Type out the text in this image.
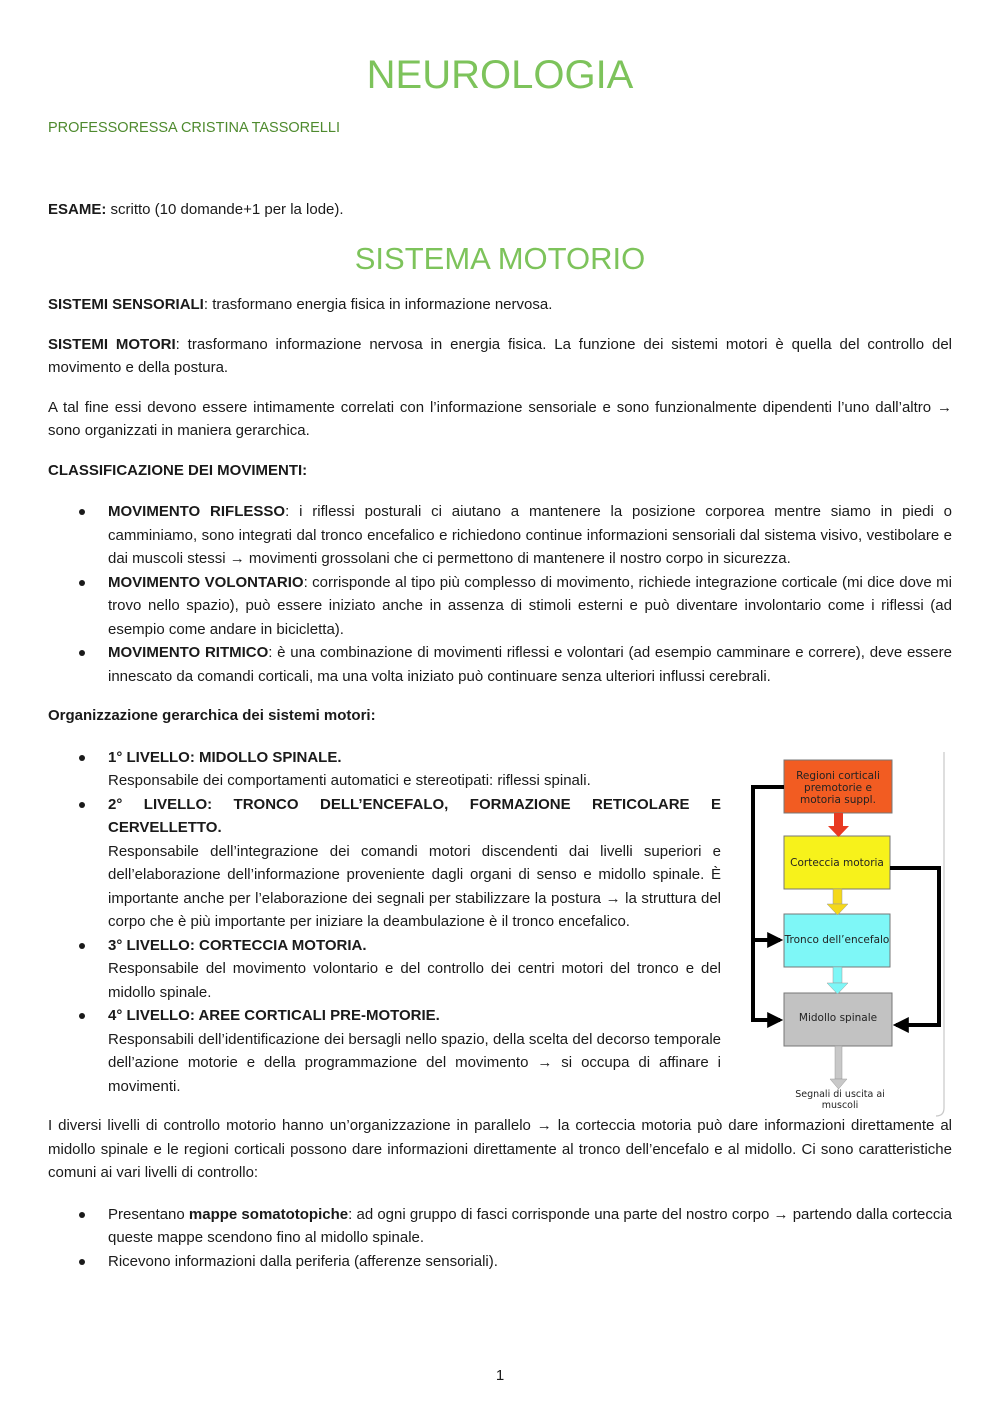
NEUROLOGIA
PROFESSORESSA CRISTINA TASSORELLI

ESAME: scritto (10 domande+1 per la lode).

SISTEMA MOTORIO

SISTEMI SENSORIALI: trasformano energia fisica in informazione nervosa.

SISTEMI MOTORI: trasformano informazione nervosa in energia fisica. La funzione dei sistemi motori è quella del controllo del movimento e della postura.

A tal fine essi devono essere intimamente correlati con l’informazione sensoriale e sono funzionalmente dipendenti l’uno dall’altro → sono organizzati in maniera gerarchica.

CLASSIFICAZIONE DEI MOVIMENTI:

MOVIMENTO RIFLESSO: i riflessi posturali ci aiutano a mantenere la posizione corporea mentre siamo in piedi o camminiamo, sono integrati dal tronco encefalico e richiedono continue informazioni sensoriali dal sistema visivo, vestibolare e dai muscoli stessi → movimenti grossolani che ci permettono di mantenere il nostro corpo in sicurezza.
MOVIMENTO VOLONTARIO: corrisponde al tipo più complesso di movimento, richiede integrazione corticale (mi dice dove mi trovo nello spazio), può essere iniziato anche in assenza di stimoli esterni e può diventare involontario come i riflessi (ad esempio come andare in bicicletta).
MOVIMENTO RITMICO: è una combinazione di movimenti riflessi e volontari (ad esempio camminare e correre), deve essere innescato da comandi corticali, ma una volta iniziato può continuare senza ulteriori influssi cerebrali.

Organizzazione gerarchica dei sistemi motori:

1° LIVELLO: MIDOLLO SPINALE.
Responsabile dei comportamenti automatici e stereotipati: riflessi spinali.
2° LIVELLO: TRONCO DELL’ENCEFALO, FORMAZIONE RETICOLARE E CERVELLETTO.
Responsabile dell’integrazione dei comandi motori discendenti dai livelli superiori e dell’elaborazione dell’informazione proveniente dagli organi di senso e midollo spinale. È importante anche per l’elaborazione dei segnali per stabilizzare la postura → la struttura del corpo che è più importante per iniziare la deambulazione è il tronco encefalico.
3° LIVELLO: CORTECCIA MOTORIA.
Responsabile del movimento volontario e del controllo dei centri motori del tronco e del midollo spinale.
4° LIVELLO: AREE CORTICALI PRE-MOTORIE.
Responsabili dell’identificazione dei bersagli nello spazio, della scelta del decorso temporale dell’azione motorie e della programmazione del movimento → si occupa di affinare i movimenti.

I diversi livelli di controllo motorio hanno un’organizzazione in parallelo → la corteccia motoria può dare informazioni direttamente al midollo spinale e le regioni corticali possono dare informazioni direttamente al tronco dell’encefalo e al midollo. Ci sono caratteristiche comuni ai vari livelli di controllo:

Presentano mappe somatotopiche: ad ogni gruppo di fasci corrisponde una parte del nostro corpo → partendo dalla corteccia queste mappe scendono fino al midollo spinale.
Ricevono informazioni dalla periferia (afferenze sensoriali).
Regioni corticali
premotorie e
motoria suppl.
Corteccia motoria
Tronco dell’encefalo
Midollo spinale
Segnali di uscita ai
muscoli
1
